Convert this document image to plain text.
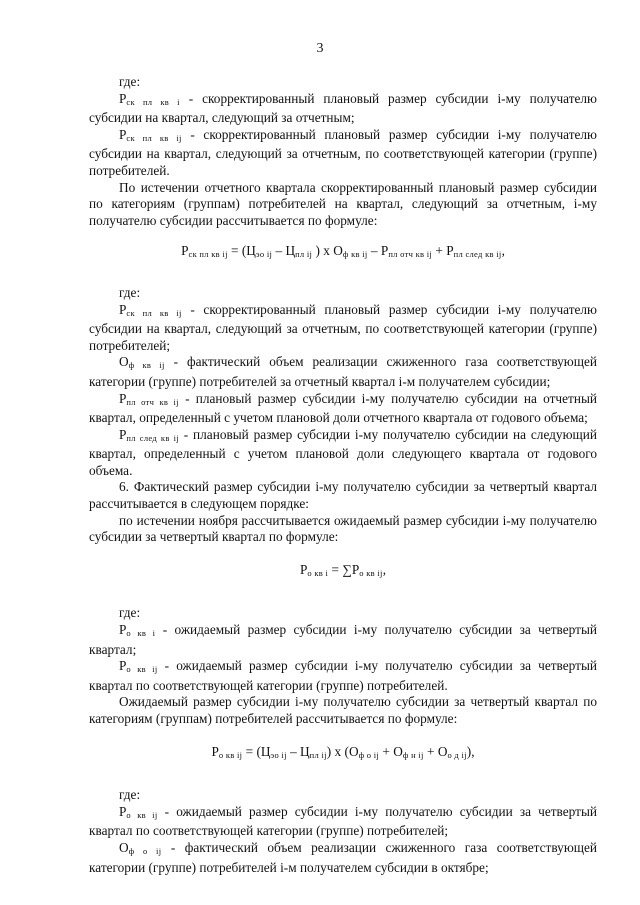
3

где:

$Р_{ск пл кв i}$ - скорректированный плановый размер субсидии i-му получателю субсидии на квартал, следующий за отчетным;

$Р_{ск пл кв ij}$ - скорректированный плановый размер субсидии i-му получателю субсидии на квартал, следующий за отчетным, по соответствующей категории (группе) потребителей.

По истечении отчетного квартала скорректированный плановый размер субсидии по категориям (группам) потребителей на квартал, следующий за отчетным, i-му получателю субсидии рассчитывается по формуле:

$Р_{ск пл кв ij} = (Ц_{эо ij} - Ц_{пл ij}$ ) х $О_{ф кв ij} - Р_{пл отч кв ij} + Р_{пл след кв ij}$,

где:

$Р_{ск пл кв ij}$ - скорректированный плановый размер субсидии i-му получателю субсидии на квартал, следующий за отчетным, по соответствующей категории (группе) потребителей;

$О_{ф кв ij}$ - фактический объем реализации сжиженного газа соответствующей категории (группе) потребителей за отчетный квартал i-м получателем субсидии;

$Р_{пл отч кв ij}$ - плановый размер субсидии i-му получателю субсидии на отчетный квартал, определенный с учетом плановой доли отчетного квартала от годового объема;

$Р_{пл след кв ij}$ - плановый размер субсидии i-му получателю субсидии на следующий квартал, определенный с учетом плановой доли следующего квартала от годового объема.

6. Фактический размер субсидии i-му получателю субсидии за четвертый квартал рассчитывается в следующем порядке:

по истечении ноября рассчитывается ожидаемый размер субсидии i-му получателю субсидии за четвертый квартал по формуле:

$Р_{о кв i} = \sum Р_{о кв ij}$,

где:

$Р_{о кв i}$ - ожидаемый размер субсидии i-му получателю субсидии за четвертый квартал;

$Р_{о кв ij}$ - ожидаемый размер субсидии i-му получателю субсидии за четвертый квартал по соответствующей категории (группе) потребителей.

Ожидаемый размер субсидии i-му получателю субсидии за четвертый квартал по категориям (группам) потребителей рассчитывается по формуле:

$Р_{о кв ij} = (Ц_{эо ij} - Ц_{пл ij})$ х $(О_{ф о ij} + О_{ф н ij} + О_{о д ij})$,

где:

$Р_{о кв ij}$ - ожидаемый размер субсидии i-му получателю субсидии за четвертый квартал по соответствующей категории (группе) потребителей;

$О_{ф о ij}$ - фактический объем реализации сжиженного газа соответствующей категории (группе) потребителей i-м получателем субсидии в октябре;
